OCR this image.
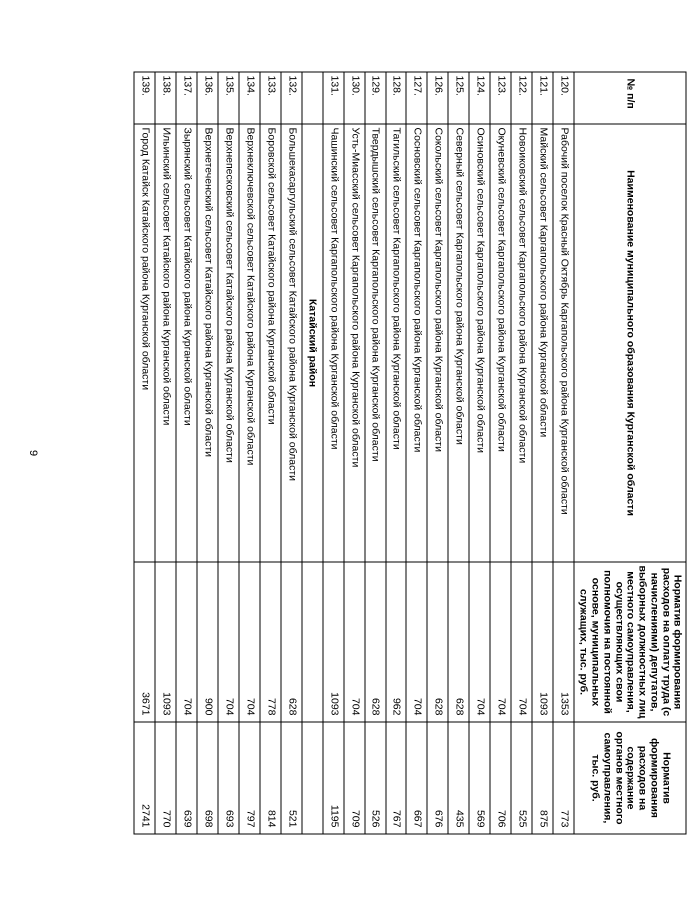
9
№ п/п	Наименование муниципального образования Курганской области	Норматив формирования расходов на оплату труда (с начислениями) депутатов, выборных должностных лиц местного самоуправления, осуществляющих свои полномочия на постоянной основе, муниципальных служащих, тыс. руб.	Норматив формирования расходов на содержание органов местного самоуправления, тыс. руб.
120.	Рабочий поселок Красный Октябрь Каргапольского района Курганской области	1353	773
121.	Майский сельсовет Каргапольского района Курганской области	1093	875
122.	Новоиковский сельсовет Каргапольского района Курганской области	704	525
123.	Окуневский сельсовет Каргапольского района Курганской области	704	706
124.	Осиновский сельсовет Каргапольского района Курганской области	704	569
125.	Северный сельсовет Каргапольского района Курганской области	628	435
126.	Сокольский сельсовет Каргапольского района Курганской области	628	676
127.	Сосновский сельсовет Каргапольского района Курганской области	704	667
128.	Тагильский сельсовет Каргапольского района Курганской области	962	767
129.	Твердышский сельсовет Каргапольского района Курганской области	628	526
130.	Усть-Миасский сельсовет Каргапольского района Курганской области	704	709
131.	Чашинский сельсовет Каргапольского района Курганской области	1093	1195
	Катайский район		
132.	Большекасаргульский сельсовет Катайского района Курганской области	628	521
133.	Боровской сельсовет Катайского района Курганской области	778	814
134.	Верхнеключевской сельсовет Катайского района Курганской области	704	797
135.	Верхнепесковский сельсовет Катайского района Курганской области	704	693
136.	Верхнетеченский сельсовет Катайского района Курганской области	900	698
137.	Зырянский сельсовет Катайского района Курганской области	704	639
138.	Ильинский сельсовет Катайского района Курганской области	1093	770
139.	Город Катайск Катайского района Курганской области	3671	2741
